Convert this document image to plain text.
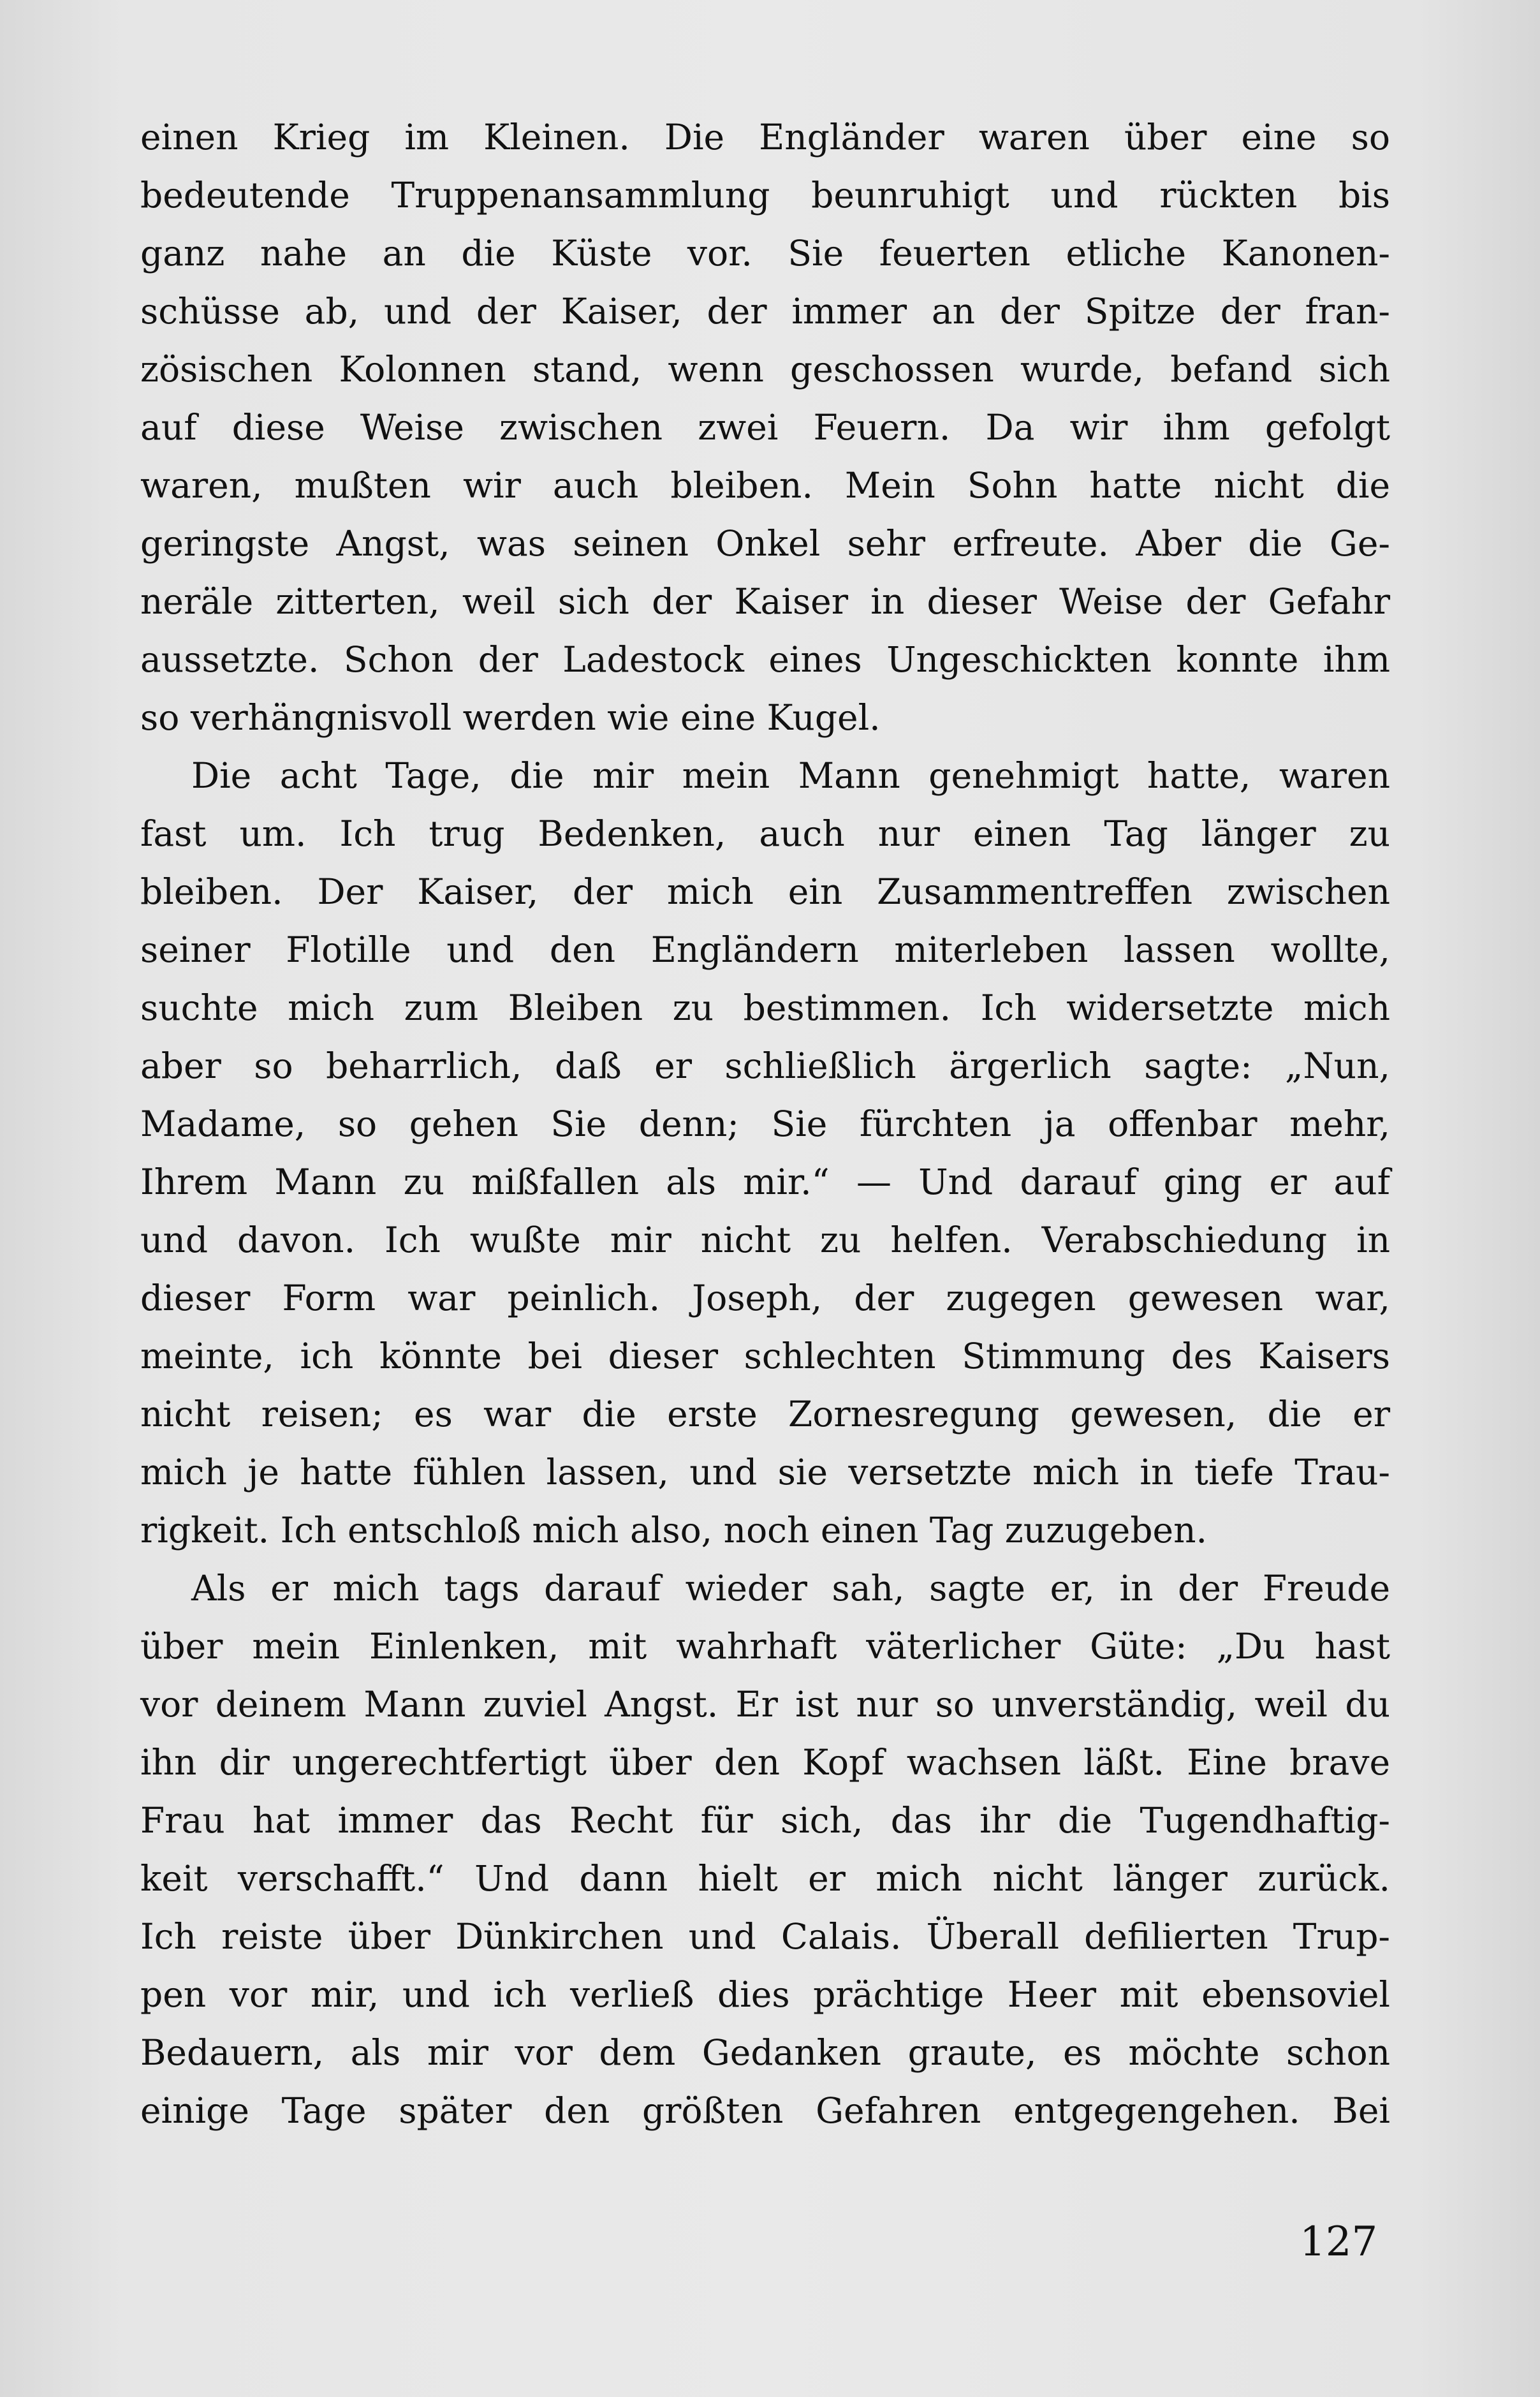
einen Krieg im Kleinen. Die Engländer waren über eine so
bedeutende Truppenansammlung beunruhigt und rückten bis
ganz nahe an die Küste vor. Sie feuerten etliche Kanonen-
schüsse ab, und der Kaiser, der immer an der Spitze der fran-
zösischen Kolonnen stand, wenn geschossen wurde, befand sich
auf diese Weise zwischen zwei Feuern. Da wir ihm gefolgt
waren, mußten wir auch bleiben. Mein Sohn hatte nicht die
geringste Angst, was seinen Onkel sehr erfreute. Aber die Ge-
neräle zitterten, weil sich der Kaiser in dieser Weise der Gefahr
aussetzte. Schon der Ladestock eines Ungeschickten konnte ihm
so verhängnisvoll werden wie eine Kugel.
Die acht Tage, die mir mein Mann genehmigt hatte, waren
fast um. Ich trug Bedenken, auch nur einen Tag länger zu
bleiben. Der Kaiser, der mich ein Zusammentreffen zwischen
seiner Flotille und den Engländern miterleben lassen wollte,
suchte mich zum Bleiben zu bestimmen. Ich widersetzte mich
aber so beharrlich, daß er schließlich ärgerlich sagte: „Nun,
Madame, so gehen Sie denn; Sie fürchten ja offenbar mehr,
Ihrem Mann zu mißfallen als mir.“ — Und darauf ging er auf
und davon. Ich wußte mir nicht zu helfen. Verabschiedung in
dieser Form war peinlich. Joseph, der zugegen gewesen war,
meinte, ich könnte bei dieser schlechten Stimmung des Kaisers
nicht reisen; es war die erste Zornesregung gewesen, die er
mich je hatte fühlen lassen, und sie versetzte mich in tiefe Trau-
rigkeit. Ich entschloß mich also, noch einen Tag zuzugeben.
Als er mich tags darauf wieder sah, sagte er, in der Freude
über mein Einlenken, mit wahrhaft väterlicher Güte: „Du hast
vor deinem Mann zuviel Angst. Er ist nur so unverständig, weil du
ihn dir ungerechtfertigt über den Kopf wachsen läßt. Eine brave
Frau hat immer das Recht für sich, das ihr die Tugendhaftig-
keit verschafft.“ Und dann hielt er mich nicht länger zurück.
Ich reiste über Dünkirchen und Calais. Überall defilierten Trup-
pen vor mir, und ich verließ dies prächtige Heer mit ebensoviel
Bedauern, als mir vor dem Gedanken graute, es möchte schon
einige Tage später den größten Gefahren entgegengehen. Bei
127
